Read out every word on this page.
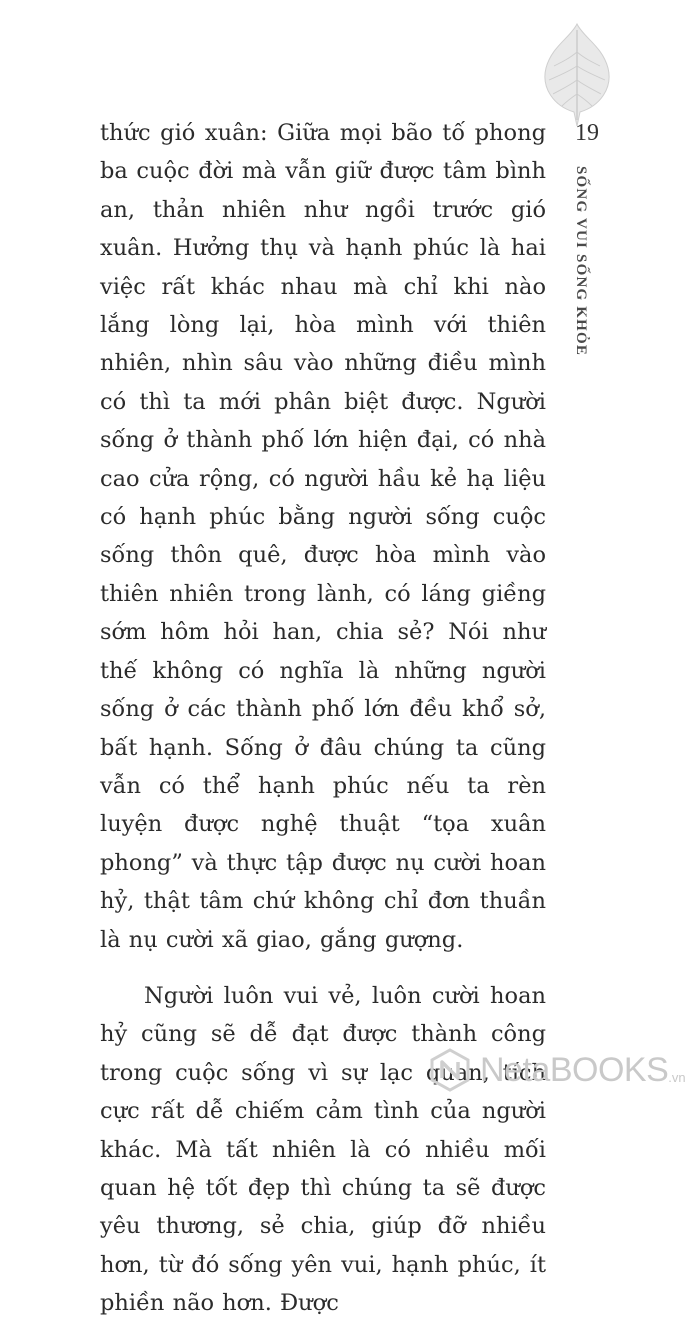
19
SỐNG VUI SỐNG KHỎE

thức gió xuân: Giữa mọi bão tố phong ba cuộc đời mà vẫn giữ được tâm bình an, thản nhiên như ngồi trước gió xuân. Hưởng thụ và hạnh phúc là hai việc rất khác nhau mà chỉ khi nào lắng lòng lại, hòa mình với thiên nhiên, nhìn sâu vào những điều mình có thì ta mới phân biệt được. Người sống ở thành phố lớn hiện đại, có nhà cao cửa rộng, có người hầu kẻ hạ liệu có hạnh phúc bằng người sống cuộc sống thôn quê, được hòa mình vào thiên nhiên trong lành, có láng giềng sớm hôm hỏi han, chia sẻ? Nói như thế không có nghĩa là những người sống ở các thành phố lớn đều khổ sở, bất hạnh. Sống ở đâu chúng ta cũng vẫn có thể hạnh phúc nếu ta rèn luyện được nghệ thuật “tọa xuân phong” và thực tập được nụ cười hoan hỷ, thật tâm chứ không chỉ đơn thuần là nụ cười xã giao, gắng gượng.

Người luôn vui vẻ, luôn cười hoan hỷ cũng sẽ dễ đạt được thành công trong cuộc sống vì sự lạc quan, tích cực rất dễ chiếm cảm tình của người khác. Mà tất nhiên là có nhiều mối quan hệ tốt đẹp thì chúng ta sẽ được yêu thương, sẻ chia, giúp đỡ nhiều hơn, từ đó sống yên vui, hạnh phúc, ít phiền não hơn. Được

NetaBOOKS .vn
